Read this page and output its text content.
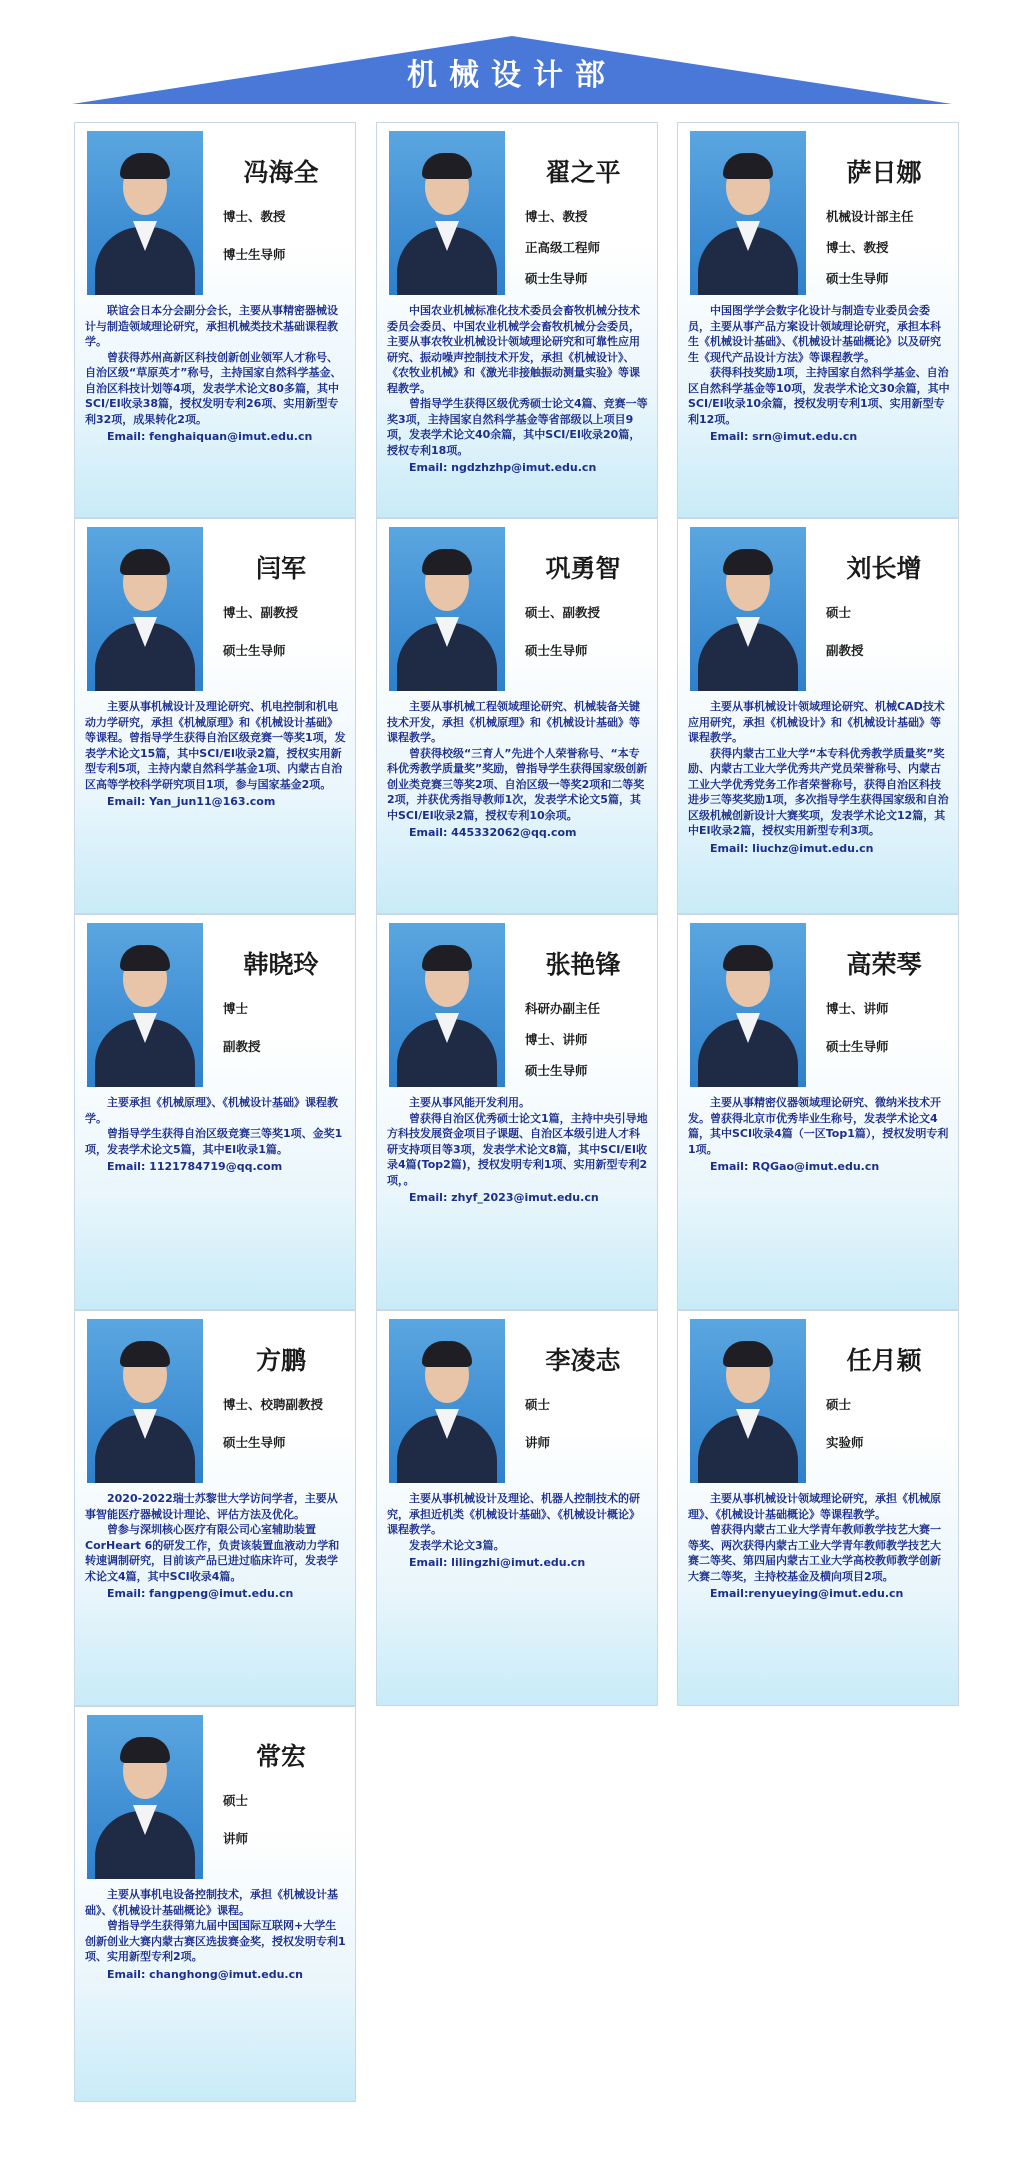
机械设计部
冯海全
博士、教授
博士生导师

联谊会日本分会副分会长，主要从事精密器械设计与制造领域理论研究，承担机械类技术基础课程教学。

曾获得苏州高新区科技创新创业领军人才称号、自治区级“草原英才”称号，主持国家自然科学基金、自治区科技计划等4项，发表学术论文80多篇，其中SCI/EI收录38篇，授权发明专利26项、实用新型专利32项，成果转化2项。

Email: fenghaiquan@imut.edu.cn

翟之平
博士、教授
正高级工程师
硕士生导师

中国农业机械标准化技术委员会畜牧机械分技术委员会委员、中国农业机械学会畜牧机械分会委员，主要从事农牧业机械设计领域理论研究和可靠性应用研究、振动噪声控制技术开发，承担《机械设计》、《农牧业机械》和《激光非接触振动测量实验》等课程教学。

曾指导学生获得区级优秀硕士论文4篇、竞赛一等奖3项，主持国家自然科学基金等省部级以上项目9项，发表学术论文40余篇，其中SCI/EI收录20篇，授权专利18项。

Email: ngdzhzhp@imut.edu.cn

萨日娜
机械设计部主任
博士、教授
硕士生导师

中国图学学会数字化设计与制造专业委员会委员，主要从事产品方案设计领域理论研究，承担本科生《机械设计基础》、《机械设计基础概论》以及研究生《现代产品设计方法》等课程教学。

获得科技奖励1项，主持国家自然科学基金、自治区自然科学基金等10项，发表学术论文30余篇，其中SCI/EI收录10余篇，授权发明专利1项、实用新型专利12项。

Email: srn@imut.edu.cn

闫军
博士、副教授
硕士生导师

主要从事机械设计及理论研究、机电控制和机电动力学研究，承担《机械原理》和《机械设计基础》等课程。曾指导学生获得自治区级竞赛一等奖1项，发表学术论文15篇，其中SCI/EI收录2篇，授权实用新型专利5项，主持内蒙自然科学基金1项、内蒙古自治区高等学校科学研究项目1项，参与国家基金2项。

Email: Yan_jun11@163.com

巩勇智
硕士、副教授
硕士生导师

主要从事机械工程领域理论研究、机械装备关键技术开发，承担《机械原理》和《机械设计基础》等课程教学。

曾获得校级“三育人”先进个人荣誉称号、“本专科优秀教学质量奖”奖励，曾指导学生获得国家级创新创业类竞赛三等奖2项、自治区级一等奖2项和二等奖2项，并获优秀指导教师1次，发表学术论文5篇，其中SCI/EI收录2篇，授权专利10余项。

Email: 445332062@qq.com

刘长增
硕士
副教授

主要从事机械设计领域理论研究、机械CAD技术应用研究，承担《机械设计》和《机械设计基础》等课程教学。

获得内蒙古工业大学“本专科优秀教学质量奖”奖励、内蒙古工业大学优秀共产党员荣誉称号、内蒙古工业大学优秀党务工作者荣誉称号，获得自治区科技进步三等奖奖励1项，多次指导学生获得国家级和自治区级机械创新设计大赛奖项，发表学术论文12篇，其中EI收录2篇，授权实用新型专利3项。

Email: liuchz@imut.edu.cn

韩晓玲
博士
副教授

主要承担《机械原理》、《机械设计基础》课程教学。

曾指导学生获得自治区级竞赛三等奖1项、金奖1项，发表学术论文5篇，其中EI收录1篇。

Email: 1121784719@qq.com

张艳锋
科研办副主任
博士、讲师
硕士生导师

主要从事风能开发利用。

曾获得自治区优秀硕士论文1篇，主持中央引导地方科技发展资金项目子课题、自治区本级引进人才科研支持项目等3项，发表学术论文8篇，其中SCI/EI收录4篇(Top2篇)，授权发明专利1项、实用新型专利2项，。

Email: zhyf_2023@imut.edu.cn

高荣琴
博士、讲师
硕士生导师

主要从事精密仪器领域理论研究、微纳米技术开发。曾获得北京市优秀毕业生称号，发表学术论文4篇，其中SCI收录4篇（一区Top1篇），授权发明专利1项。

Email: RQGao@imut.edu.cn

方鹏
博士、校聘副教授
硕士生导师

2020-2022瑞士苏黎世大学访问学者，主要从事智能医疗器械设计理论、评估方法及优化。

曾参与深圳核心医疗有限公司心室辅助装置CorHeart 6的研发工作，负责该装置血液动力学和转速调制研究，目前该产品已进过临床许可，发表学术论文4篇，其中SCI收录4篇。

Email: fangpeng@imut.edu.cn

李凌志
硕士
讲师

主要从事机械设计及理论、机器人控制技术的研究，承担近机类《机械设计基础》、《机械设计概论》课程教学。

发表学术论文3篇。

Email: lilingzhi@imut.edu.cn

任月颖
硕士
实验师

主要从事机械设计领域理论研究，承担《机械原理》、《机械设计基础概论》等课程教学。

曾获得内蒙古工业大学青年教师教学技艺大赛一等奖、两次获得内蒙古工业大学青年教师教学技艺大赛二等奖、第四届内蒙古工业大学高校教师教学创新大赛二等奖，主持校基金及横向项目2项。

Email:renyueying@imut.edu.cn

常宏
硕士
讲师

主要从事机电设备控制技术，承担《机械设计基础》、《机械设计基础概论》课程。

曾指导学生获得第九届中国国际互联网+大学生创新创业大赛内蒙古赛区选拔赛金奖，授权发明专利1项、实用新型专利2项。

Email: changhong@imut.edu.cn
